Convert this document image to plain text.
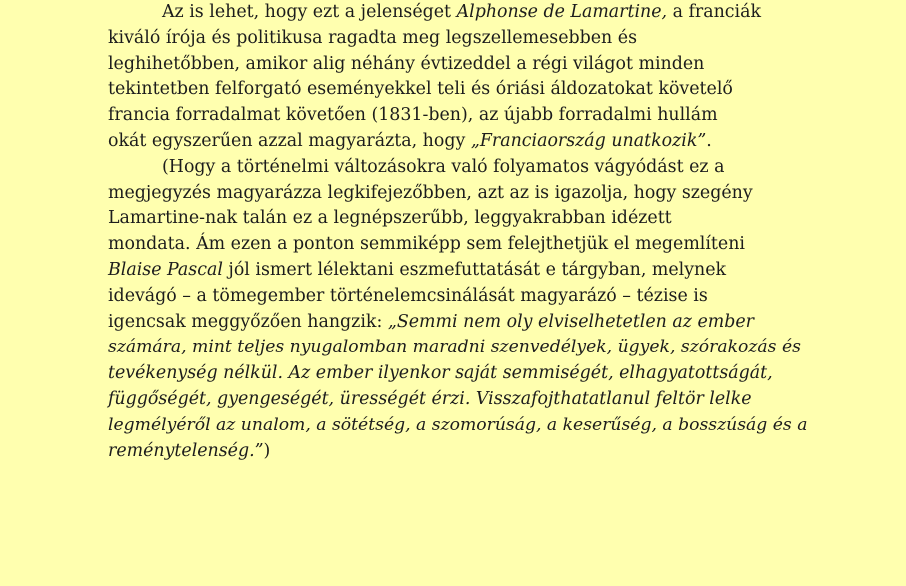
Az is lehet, hogy ezt a jelenséget Alphonse de Lamartine, a franciák
kiváló írója és politikusa ragadta meg legszellemesebben és
leghihetőbben, amikor alig néhány évtizeddel a régi világot minden
tekintetben felforgató eseményekkel teli és óriási áldozatokat követelő
francia forradalmat követően (1831-ben), az újabb forradalmi hullám
okát egyszerűen azzal magyarázta, hogy „Franciaország unatkozik”.
(Hogy a történelmi változásokra való folyamatos vágyódást ez a
megjegyzés magyarázza legkifejezőbben, azt az is igazolja, hogy szegény
Lamartine-nak talán ez a legnépszerűbb, leggyakrabban idézett
mondata. Ám ezen a ponton semmiképp sem felejthetjük el megemlíteni
Blaise Pascal jól ismert lélektani eszmefuttatását e tárgyban, melynek
idevágó – a tömegember történelemcsinálását magyarázó – tézise is
igencsak meggyőzően hangzik: „Semmi nem oly elviselhetetlen az ember
számára, mint teljes nyugalomban maradni szenvedélyek, ügyek, szórakozás és
tevékenység nélkül. Az ember ilyenkor saját semmiségét, elhagyatottságát,
függőségét, gyengeségét, ürességét érzi. Visszafojthatatlanul feltör lelke
legmélyéről az unalom, a sötétség, a szomorúság, a keserűség, a bosszúság és a
reménytelenség.”)
